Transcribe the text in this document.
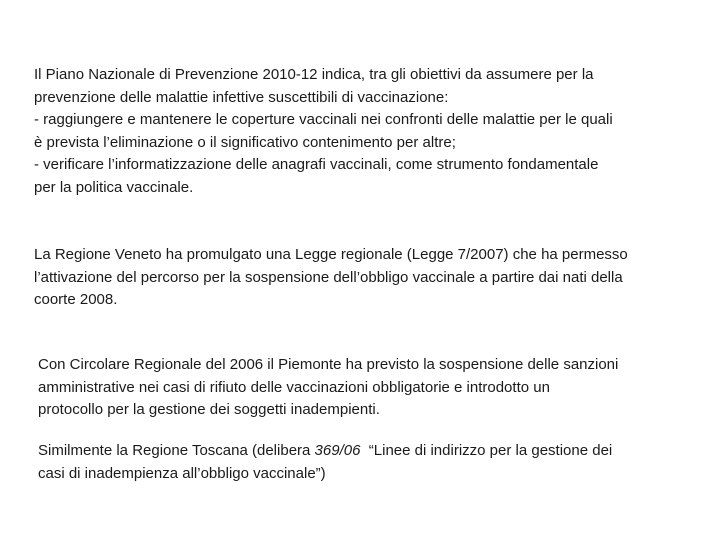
Il Piano Nazionale di Prevenzione 2010-12 indica, tra gli obiettivi da assumere per la
prevenzione delle malattie infettive suscettibili di vaccinazione:
- raggiungere e mantenere le coperture vaccinali nei confronti delle malattie per le quali
è prevista l’eliminazione o il significativo contenimento per altre;
- verificare l’informatizzazione delle anagrafi vaccinali, come strumento fondamentale
per la politica vaccinale.
La Regione Veneto ha promulgato una Legge regionale (Legge 7/2007) che ha permesso
l’attivazione del percorso per la sospensione dell’obbligo vaccinale a partire dai nati della
coorte 2008.
Con Circolare Regionale del 2006 il Piemonte ha previsto la sospensione delle sanzioni
amministrative nei casi di rifiuto delle vaccinazioni obbligatorie e introdotto un
protocollo per la gestione dei soggetti inadempienti.
Similmente la Regione Toscana (delibera 369/06  “Linee di indirizzo per la gestione dei
casi di inadempienza all’obbligo vaccinale”)
